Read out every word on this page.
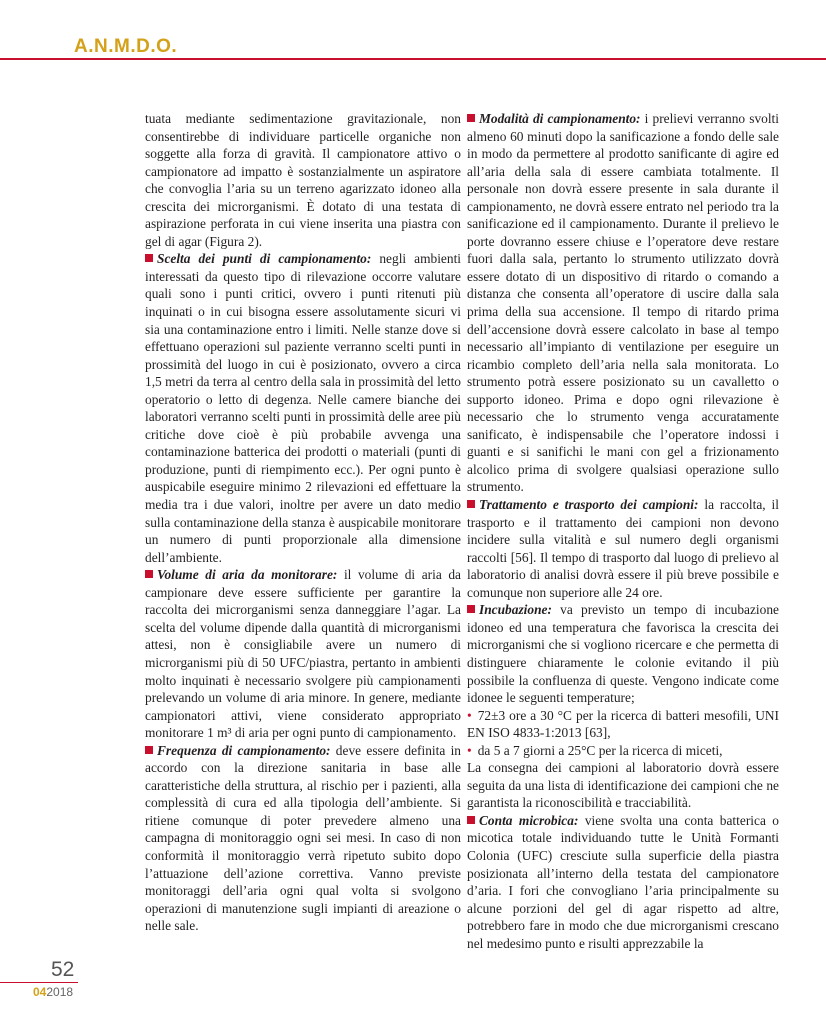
A.N.M.D.O.

tuata mediante sedimentazione gravitazionale, non consentirebbe di individuare particelle organiche non soggette alla forza di gravità. Il campionatore attivo o campionatore ad impatto è sostanzialmente un aspiratore che convoglia l’aria su un terreno agarizzato idoneo alla crescita dei microrganismi. È dotato di una testata di aspirazione perforata in cui viene inserita una piastra con gel di agar (Figura 2).

Scelta dei punti di campionamento: negli ambienti interessati da questo tipo di rilevazione occorre valutare quali sono i punti critici, ovvero i punti ritenuti più inquinati o in cui bisogna essere assolutamente sicuri vi sia una contaminazione entro i limiti. Nelle stanze dove si effettuano operazioni sul paziente verranno scelti punti in prossimità del luogo in cui è posizionato, ovvero a circa 1,5 metri da terra al centro della sala in prossimità del letto operatorio o letto di degenza. Nelle camere bianche dei laboratori verranno scelti punti in prossimità delle aree più critiche dove cioè è più probabile avvenga una contaminazione batterica dei prodotti o materiali (punti di produzione, punti di riempimento ecc.). Per ogni punto è auspicabile eseguire minimo 2 rilevazioni ed effettuare la media tra i due valori, inoltre per avere un dato medio sulla contaminazione della stanza è auspicabile monitorare un numero di punti proporzionale alla dimensione dell’ambiente.

Volume di aria da monitorare: il volume di aria da campionare deve essere sufficiente per garantire la raccolta dei microrganismi senza danneggiare l’agar. La scelta del volume dipende dalla quantità di microrganismi attesi, non è consigliabile avere un numero di microrganismi più di 50 UFC/piastra, pertanto in ambienti molto inquinati è necessario svolgere più campionamenti prelevando un volume di aria minore. In genere, mediante campionatori attivi, viene considerato appropriato monitorare 1 m³ di aria per ogni punto di campionamento.

Frequenza di campionamento: deve essere definita in accordo con la direzione sanitaria in base alle caratteristiche della struttura, al rischio per i pazienti, alla complessità di cura ed alla tipologia dell’ambiente. Si ritiene comunque di poter prevedere almeno una campagna di monitoraggio ogni sei mesi. In caso di non conformità il monitoraggio verrà ripetuto subito dopo l’attuazione dell’azione correttiva. Vanno previste monitoraggi dell’aria ogni qual volta si svolgono operazioni di manutenzione sugli impianti di areazione o nelle sale.

Modalità di campionamento: i prelievi verranno svolti almeno 60 minuti dopo la sanificazione a fondo delle sale in modo da permettere al prodotto sanificante di agire ed all’aria della sala di essere cambiata totalmente. Il personale non dovrà essere presente in sala durante il campionamento, ne dovrà essere entrato nel periodo tra la sanificazione ed il campionamento. Durante il prelievo le porte dovranno essere chiuse e l’operatore deve restare fuori dalla sala, pertanto lo strumento utilizzato dovrà essere dotato di un dispositivo di ritardo o comando a distanza che consenta all’operatore di uscire dalla sala prima della sua accensione. Il tempo di ritardo prima dell’accensione dovrà essere calcolato in base al tempo necessario all’impianto di ventilazione per eseguire un ricambio completo dell’aria nella sala monitorata. Lo strumento potrà essere posizionato su un cavalletto o supporto idoneo. Prima e dopo ogni rilevazione è necessario che lo strumento venga accuratamente sanificato, è indispensabile che l’operatore indossi i guanti e si sanifichi le mani con gel a frizionamento alcolico prima di svolgere qualsiasi operazione sullo strumento.

Trattamento e trasporto dei campioni: la raccolta, il trasporto e il trattamento dei campioni non devono incidere sulla vitalità e sul numero degli organismi raccolti [56]. Il tempo di trasporto dal luogo di prelievo al laboratorio di analisi dovrà essere il più breve possibile e comunque non superiore alle 24 ore.

Incubazione: va previsto un tempo di incubazione idoneo ed una temperatura che favorisca la crescita dei microrganismi che si vogliono ricercare e che permetta di distinguere chiaramente le colonie evitando il più possibile la confluenza di queste. Vengono indicate come idonee le seguenti temperature;

• 72±3 ore a 30 °C per la ricerca di batteri mesofili, UNI EN ISO 4833-1:2013 [63],

• da 5 a 7 giorni a 25°C per la ricerca di miceti,

La consegna dei campioni al laboratorio dovrà essere seguita da una lista di identificazione dei campioni che ne garantista la riconoscibilità e tracciabilità.

Conta microbica: viene svolta una conta batterica o micotica totale individuando tutte le Unità Formanti Colonia (UFC) cresciute sulla superficie della piastra posizionata all’interno della testata del campionatore d’aria. I fori che convogliano l’aria principalmente su alcune porzioni del gel di agar rispetto ad altre, potrebbero fare in modo che due microrganismi crescano nel medesimo punto e risulti apprezzabile la

52
042018
